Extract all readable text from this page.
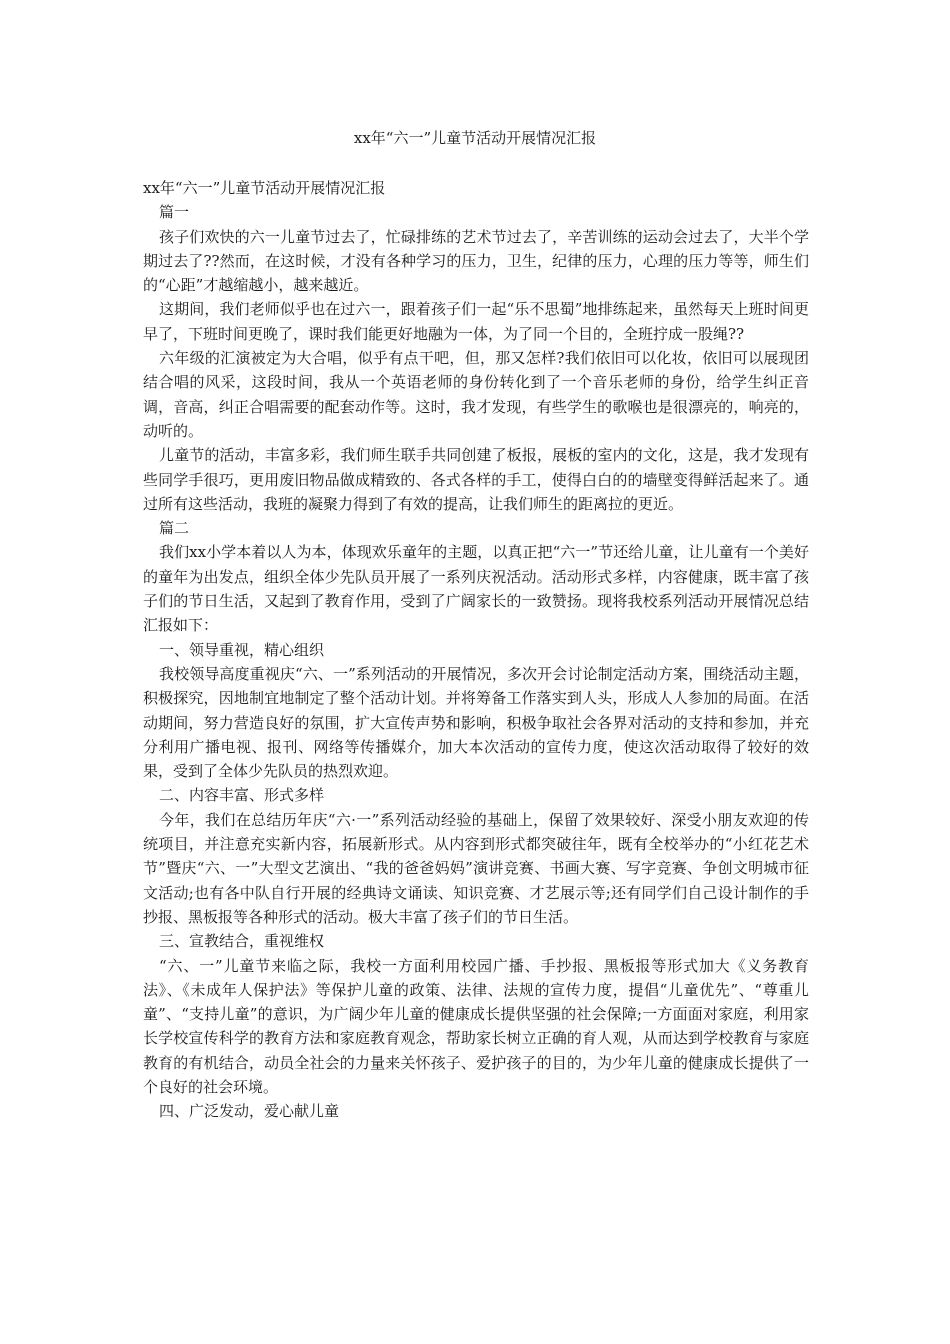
xx年“六一”儿童节活动开展情况汇报

xx年“六一”儿童节活动开展情况汇报

篇一

孩子们欢快的六一儿童节过去了，忙碌排练的艺术节过去了，辛苦训练的运动会过去了，大半个学期过去了??然而，在这时候，才没有各种学习的压力，卫生，纪律的压力，心理的压力等等，师生们的“心距”才越缩越小，越来越近。

这期间，我们老师似乎也在过六一，跟着孩子们一起“乐不思蜀”地排练起来，虽然每天上班时间更早了，下班时间更晚了，课时我们能更好地融为一体，为了同一个目的，全班拧成一股绳??

六年级的汇演被定为大合唱，似乎有点干吧，但，那又怎样?我们依旧可以化妆，依旧可以展现团结合唱的风采，这段时间，我从一个英语老师的身份转化到了一个音乐老师的身份，给学生纠正音调，音高，纠正合唱需要的配套动作等。这时，我才发现，有些学生的歌喉也是很漂亮的，响亮的，动听的。

儿童节的活动，丰富多彩，我们师生联手共同创建了板报，展板的室内的文化，这是，我才发现有些同学手很巧，更用废旧物品做成精致的、各式各样的手工，使得白白的的墙壁变得鲜活起来了。通过所有这些活动，我班的凝聚力得到了有效的提高，让我们师生的距离拉的更近。

篇二

我们xx小学本着以人为本，体现欢乐童年的主题，以真正把“六一”节还给儿童，让儿童有一个美好的童年为出发点，组织全体少先队员开展了一系列庆祝活动。活动形式多样，内容健康，既丰富了孩子们的节日生活，又起到了教育作用，受到了广阔家长的一致赞扬。现将我校系列活动开展情况总结汇报如下：

一、领导重视，精心组织

我校领导高度重视庆“六、一”系列活动的开展情况，多次开会讨论制定活动方案，围绕活动主题，积极探究，因地制宜地制定了整个活动计划。并将筹备工作落实到人头，形成人人参加的局面。在活动期间，努力营造良好的氛围，扩大宣传声势和影响，积极争取社会各界对活动的支持和参加，并充分利用广播电视、报刊、网络等传播媒介，加大本次活动的宣传力度，使这次活动取得了较好的效果，受到了全体少先队员的热烈欢迎。

二、内容丰富、形式多样

今年，我们在总结历年庆“六·一”系列活动经验的基础上，保留了效果较好、深受小朋友欢迎的传统项目，并注意充实新内容，拓展新形式。从内容到形式都突破往年，既有全校举办的“小红花艺术节”暨庆“六、一”大型文艺演出、“我的爸爸妈妈”演讲竞赛、书画大赛、写字竞赛、争创文明城市征文活动;也有各中队自行开展的经典诗文诵读、知识竞赛、才艺展示等;还有同学们自己设计制作的手抄报、黑板报等各种形式的活动。极大丰富了孩子们的节日生活。

三、宣教结合，重视维权

“六、一”儿童节来临之际，我校一方面利用校园广播、手抄报、黑板报等形式加大《义务教育法》、《未成年人保护法》等保护儿童的政策、法律、法规的宣传力度，提倡“儿童优先”、“尊重儿童”、“支持儿童”的意识，为广阔少年儿童的健康成长提供坚强的社会保障;一方面面对家庭，利用家长学校宣传科学的教育方法和家庭教育观念，帮助家长树立正确的育人观，从而达到学校教育与家庭教育的有机结合，动员全社会的力量来关怀孩子、爱护孩子的目的，为少年儿童的健康成长提供了一个良好的社会环境。

四、广泛发动，爱心献儿童
